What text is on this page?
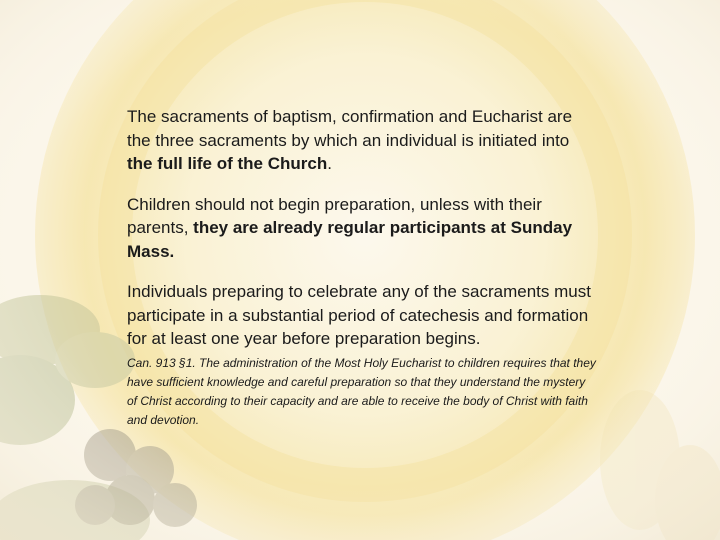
The sacraments of baptism, confirmation and Eucharist are the three sacraments by which an individual is initiated into the full life of the Church.

Children should not begin preparation, unless with their parents, they are already regular participants at Sunday Mass.

Individuals preparing to celebrate any of the sacraments must participate in a substantial period of catechesis and formation for at least one year before preparation begins.

Can. 913 §1. The administration of the Most Holy Eucharist to children requires that they have sufficient knowledge and careful preparation so that they understand the mystery of Christ according to their capacity and are able to receive the body of Christ with faith and devotion.
